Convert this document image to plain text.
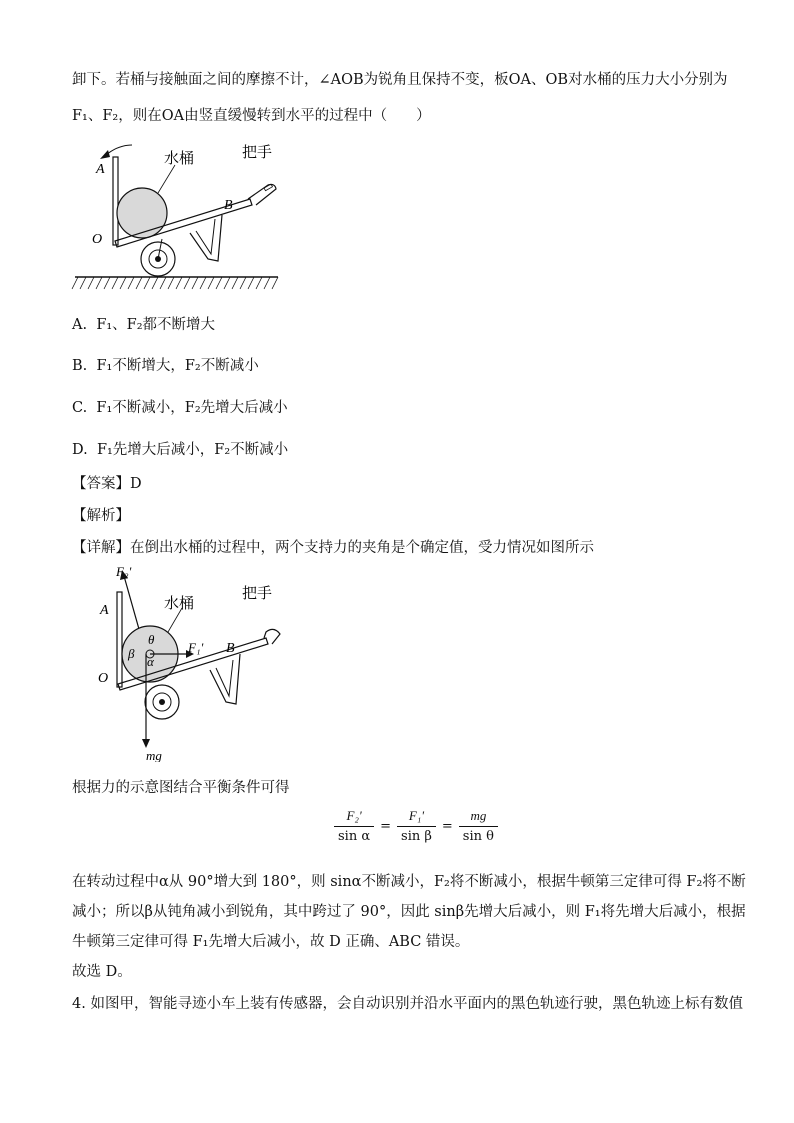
卸下。若桶与接触面之间的摩擦不计，∠AOB为锐角且保持不变，板OA、OB对水桶的压力大小分别为
F₁、F₂，则在OA由竖直缓慢转到水平的过程中（　　）
水桶	把手
A
B
O
A. F₁、F₂都不断增大
B. F₁不断增大，F₂不断减小
C. F₁不断减小，F₂先增大后减小
D. F₁先增大后减小，F₂不断减小
【答案】D
【解析】
【详解】在倒出水桶的过程中，两个支持力的夹角是个确定值，受力情况如图所示
F₂'
水桶
把手
A
B
O
F₁'
mg
θ
β
α
根据力的示意图结合平衡条件可得
$\frac{\text{F₂'}}{\text{sin α}} = \frac{\text{F₁'}}{\text{sin β}} = \frac{mg}{\text{sin θ}}$
在转动过程中α从 90°增大到 180°，则 sinα不断减小，F₂将不断减小，根据牛顿第三定律可得 F₂将不断
减小；所以β从钝角减小到锐角，其中跨过了 90°，因此 sinβ先增大后减小，则 F₁将先增大后减小，根据
牛顿第三定律可得 F₁先增大后减小，故 D 正确、ABC 错误。
故选 D。
4. 如图甲，智能寻迹小车上装有传感器，会自动识别并沿水平面内的黑色轨迹行驶，黑色轨迹上标有数值
